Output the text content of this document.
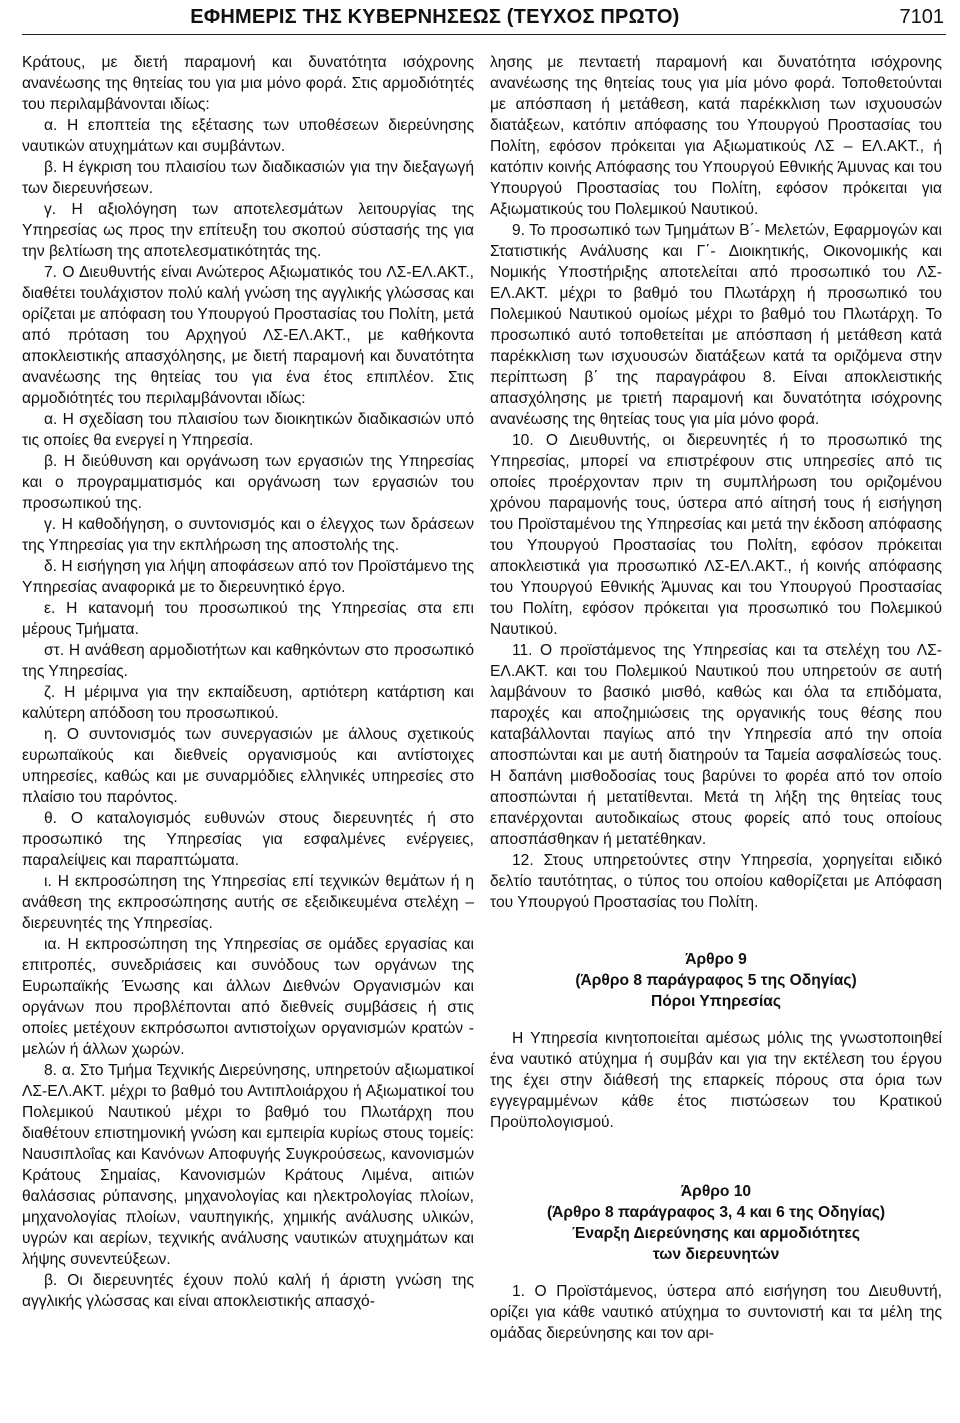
ΕΦΗΜΕΡΙΣ ΤΗΣ ΚΥΒΕΡΝΗΣΕΩΣ (ΤΕΥΧΟΣ ΠΡΩΤΟ)	7101

Κράτους, με διετή παραμονή και δυνατότητα ισόχρονης ανανέωσης της θητείας του για μια μόνο φορά. Στις αρμοδιότητές του περιλαμβάνονται ιδίως:

α. Η εποπτεία της εξέτασης των υποθέσεων διερεύνησης ναυτικών ατυχημάτων και συμβάντων.

β. Η έγκριση του πλαισίου των διαδικασιών για την διεξαγωγή των διερευνήσεων.

γ. Η αξιολόγηση των αποτελεσμάτων λειτουργίας της Υπηρεσίας ως προς την επίτευξη του σκοπού σύστασής της για την βελτίωση της αποτελεσματικότητάς της.

7. Ο Διευθυντής είναι Ανώτερος Αξιωματικός του ΛΣ-ΕΛ.ΑΚΤ., διαθέτει τουλάχιστον πολύ καλή γνώση της αγγλικής γλώσσας και ορίζεται με απόφαση του Υπουργού Προστασίας του Πολίτη, μετά από πρόταση του Αρχηγού ΛΣ-ΕΛ.ΑΚΤ., με καθήκοντα αποκλειστικής απασχόλησης, με διετή παραμονή και δυνατότητα ανανέωσης της θητείας του για ένα έτος επιπλέον. Στις αρμοδιότητές του περιλαμβάνονται ιδίως:

α. Η σχεδίαση του πλαισίου των διοικητικών διαδικασιών υπό τις οποίες θα ενεργεί η Υπηρεσία.

β. Η διεύθυνση και οργάνωση των εργασιών της Υπηρεσίας και ο προγραμματισμός και οργάνωση των εργασιών του προσωπικού της.

γ. Η καθοδήγηση, ο συντονισμός και ο έλεγχος των δράσεων της Υπηρεσίας για την εκπλήρωση της αποστολής της.

δ. Η εισήγηση για λήψη αποφάσεων από τον Προϊστάμενο της Υπηρεσίας αναφορικά με το διερευνητικό έργο.

ε. Η κατανομή του προσωπικού της Υπηρεσίας στα επι μέρους Τμήματα.

στ. Η ανάθεση αρμοδιοτήτων και καθηκόντων στο προσωπικό της Υπηρεσίας.

ζ. Η μέριμνα για την εκπαίδευση, αρτιότερη κατάρτιση και καλύτερη απόδοση του προσωπικού.

η. Ο συντονισμός των συνεργασιών με άλλους σχετικούς ευρωπαϊκούς και διεθνείς οργανισμούς και αντίστοιχες υπηρεσίες, καθώς και με συναρμόδιες ελληνικές υπηρεσίες στο πλαίσιο του παρόντος.

θ. Ο καταλογισμός ευθυνών στους διερευνητές ή στο προσωπικό της Υπηρεσίας για εσφαλμένες ενέργειες, παραλείψεις και παραπτώματα.

ι. Η εκπροσώπηση της Υπηρεσίας επί τεχνικών θεμάτων ή η ανάθεση της εκπροσώπησης αυτής σε εξειδικευμένα στελέχη – διερευνητές της Υπηρεσίας.

ια. Η εκπροσώπηση της Υπηρεσίας σε ομάδες εργασίας και επιτροπές, συνεδριάσεις και συνόδους των οργάνων της Ευρωπαϊκής Ένωσης και άλλων Διεθνών Οργανισμών και οργάνων που προβλέπονται από διεθνείς συμβάσεις ή στις οποίες μετέχουν εκπρόσωποι αντιστοίχων οργανισμών κρατών - μελών ή άλλων χωρών.

8. α. Στο Τμήμα Τεχνικής Διερεύνησης, υπηρετούν αξιωματικοί ΛΣ-ΕΛ.ΑΚΤ. μέχρι το βαθμό του Αντιπλοιάρχου ή Αξιωματικοί του Πολεμικού Ναυτικού μέχρι το βαθμό του Πλωτάρχη που διαθέτουν επιστημονική γνώση και εμπειρία κυρίως στους τομείς: Ναυσιπλοΐας και Κανόνων Αποφυγής Συγκρούσεως, κανονισμών Κράτους Σημαίας, Κανονισμών Κράτους Λιμένα, αιτιών θαλάσσιας ρύπανσης, μηχανολογίας και ηλεκτρολογίας πλοίων, μηχανολογίας πλοίων, ναυπηγικής, χημικής ανάλυσης υλικών, υγρών και αερίων, τεχνικής ανάλυσης ναυτικών ατυχημάτων και λήψης συνεντεύξεων.

β. Οι διερευνητές έχουν πολύ καλή ή άριστη γνώση της αγγλικής γλώσσας και είναι αποκλειστικής απασχό-

λησης με πενταετή παραμονή και δυνατότητα ισόχρονης ανανέωσης της θητείας τους για μία μόνο φορά. Τοποθετούνται με απόσπαση ή μετάθεση, κατά παρέκκλιση των ισχυουσών διατάξεων, κατόπιν απόφασης του Υπουργού Προστασίας του Πολίτη, εφόσον πρόκειται για Αξιωματικούς ΛΣ – ΕΛ.ΑΚΤ., ή κατόπιν κοινής Απόφασης του Υπουργού Εθνικής Άμυνας και του Υπουργού Προστασίας του Πολίτη, εφόσον πρόκειται για Αξιωματικούς του Πολεμικού Ναυτικού.

9. Το προσωπικό των Τμημάτων Β΄- Μελετών, Εφαρμογών και Στατιστικής Ανάλυσης και Γ΄- Διοικητικής, Οικονομικής και Νομικής Υποστήριξης αποτελείται από προσωπικό του ΛΣ-ΕΛ.ΑΚΤ. μέχρι το βαθμό του Πλωτάρχη ή προσωπικό του Πολεμικού Ναυτικού ομοίως μέχρι το βαθμό του Πλωτάρχη. Το προσωπικό αυτό τοποθετείται με απόσπαση ή μετάθεση κατά παρέκκλιση των ισχυουσών διατάξεων κατά τα οριζόμενα στην περίπτωση β΄ της παραγράφου 8. Είναι αποκλειστικής απασχόλησης με τριετή παραμονή και δυνατότητα ισόχρονης ανανέωσης της θητείας τους για μία μόνο φορά.

10. Ο Διευθυντής, οι διερευνητές ή το προσωπικό της Υπηρεσίας, μπορεί να επιστρέφουν στις υπηρεσίες από τις οποίες προέρχονταν πριν τη συμπλήρωση του οριζομένου χρόνου παραμονής τους, ύστερα από αίτησή τους ή εισήγηση του Προϊσταμένου της Υπηρεσίας και μετά την έκδοση απόφασης του Υπουργού Προστασίας του Πολίτη, εφόσον πρόκειται αποκλειστικά για προσωπικό ΛΣ-ΕΛ.ΑΚΤ., ή κοινής απόφασης του Υπουργού Εθνικής Άμυνας και του Υπουργού Προστασίας του Πολίτη, εφόσον πρόκειται για προσωπικό του Πολεμικού Ναυτικού.

11. Ο προϊστάμενος της Υπηρεσίας και τα στελέχη του ΛΣ-ΕΛ.ΑΚΤ. και του Πολεμικού Ναυτικού που υπηρετούν σε αυτή λαμβάνουν το βασικό μισθό, καθώς και όλα τα επιδόματα, παροχές και αποζημιώσεις της οργανικής τους θέσης που καταβάλλονται παγίως από την Υπηρεσία από την οποία αποσπώνται και με αυτή διατηρούν τα Ταμεία ασφαλίσεώς τους. Η δαπάνη μισθοδοσίας τους βαρύνει το φορέα από τον οποίο αποσπώνται ή μετατίθενται. Μετά τη λήξη της θητείας τους επανέρχονται αυτοδικαίως στους φορείς από τους οποίους αποσπάσθηκαν ή μετατέθηκαν.

12. Στους υπηρετούντες στην Υπηρεσία, χορηγείται ειδικό δελτίο ταυτότητας, ο τύπος του οποίου καθορίζεται με Απόφαση του Υπουργού Προστασίας του Πολίτη.

Άρθρο 9
(Άρθρο 8 παράγραφος 5 της Οδηγίας)
Πόροι Υπηρεσίας

Η Υπηρεσία κινητοποιείται αμέσως μόλις της γνωστοποιηθεί ένα ναυτικό ατύχημα ή συμβάν και για την εκτέλεση του έργου της έχει στην διάθεσή της επαρκείς πόρους στα όρια των εγγεγραμμένων κάθε έτος πιστώσεων του Κρατικού Προϋπολογισμού.

Άρθρο 10
(Άρθρο 8 παράγραφος 3, 4 και 6 της Οδηγίας)
Έναρξη Διερεύνησης και αρμοδιότητες
των διερευνητών

1. Ο Προϊστάμενος, ύστερα από εισήγηση του Διευθυντή, ορίζει για κάθε ναυτικό ατύχημα το συντονιστή και τα μέλη της ομάδας διερεύνησης και τον αρι-
